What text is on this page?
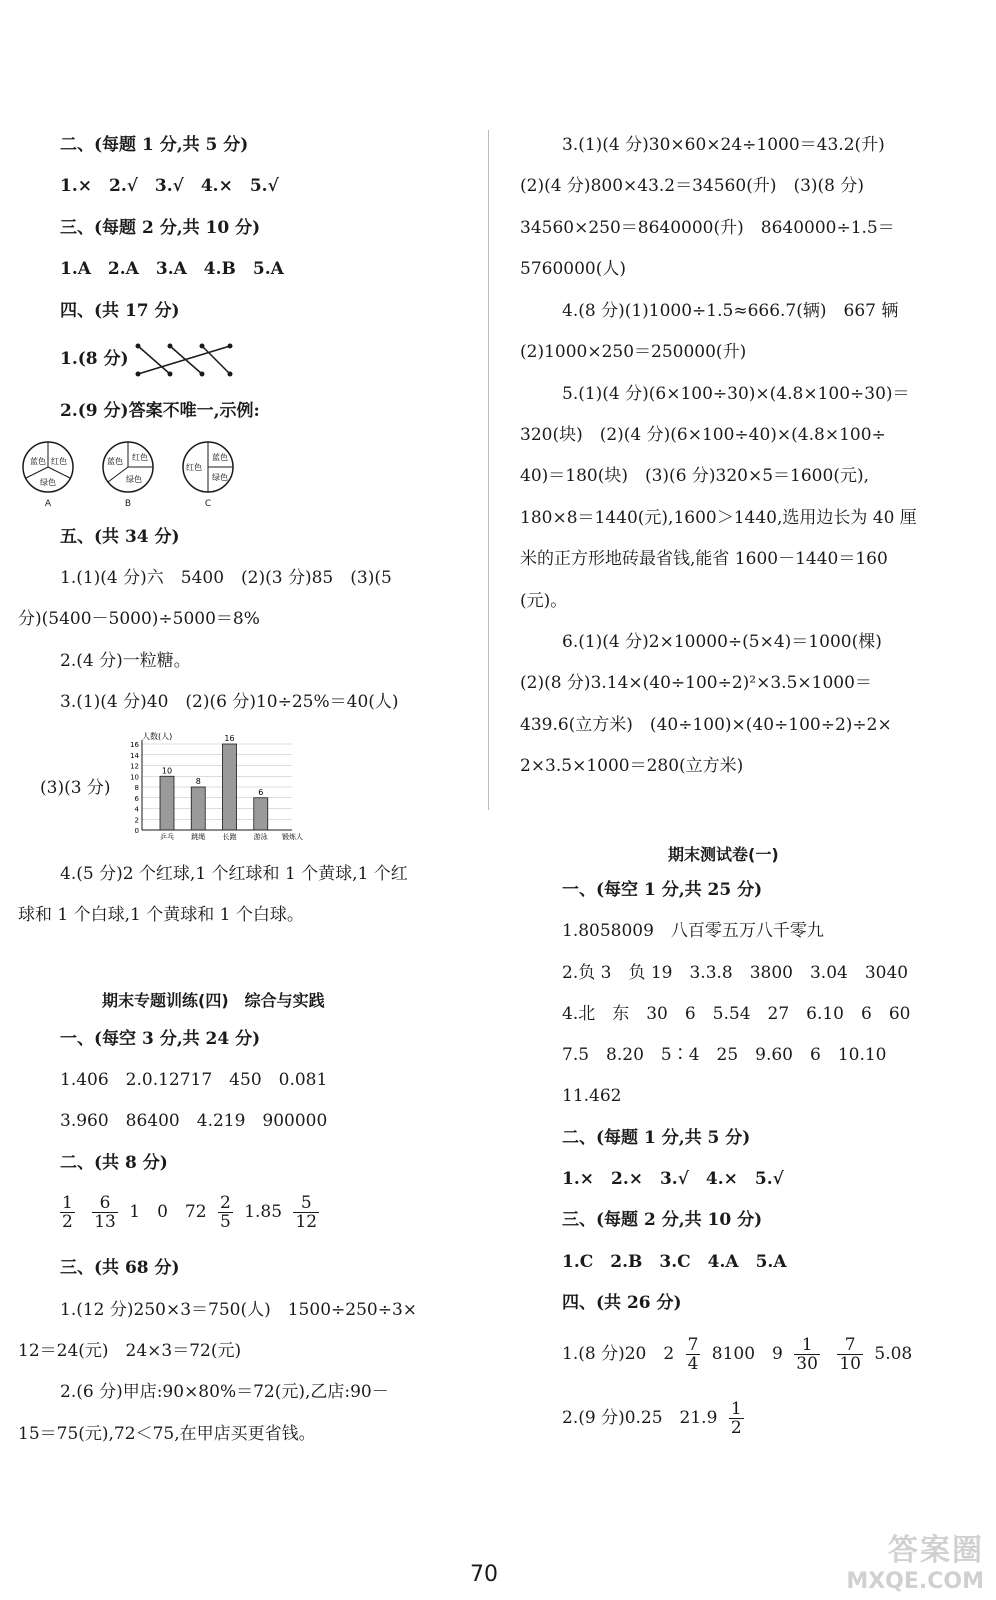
二、(每题 1 分,共 5 分)
1.×　2.√　3.√　4.×　5.√
三、(每题 2 分,共 10 分)
1.A　2.A　3.A　4.B　5.A
四、(共 17 分)
1.(8 分)
2.(9 分)答案不唯一,示例:
蓝色 红色
绿色
A
蓝色 红色
绿色
B
红色
蓝色
绿色
C
五、(共 34 分)
1.(1)(4 分)六　5400　(2)(3 分)85　(3)(5
分)(5400－5000)÷5000＝8%
2.(4 分)一粒糖。
3.(1)(4 分)40　(2)(6 分)10÷25%＝40(人)
(3)(3 分)
人数(人)
0
2
4
6
8
10
12
14
16
10
8
16
6
乒乓 跳绳 长跑 游泳 锻炼人
4.(5 分)2 个红球,1 个红球和 1 个黄球,1 个红
球和 1 个白球,1 个黄球和 1 个白球。
期末专题训练(四)　综合与实践
一、(每空 3 分,共 24 分)
1.406　2.0.12717　450　0.081
3.960　86400　4.219　900000
二、(共 8 分)
$\frac{1}{2}$
$\frac{6}{13} 1$　0　$72 \frac{2}{5} 1.85 \frac{5}{12}$
三、(共 68 分)
1.(12 分)250×3＝750(人)　1500÷250÷3×
12＝24(元)　24×3＝72(元)
2.(6 分)甲店:90×80%＝72(元),乙店:90－
15＝75(元),72＜75,在甲店买更省钱。
3.(1)(4 分)30×60×24÷1000＝43.2(升)
(2)(4 分)800×43.2＝34560(升)　(3)(8 分)
34560×250＝8640000(升)　8640000÷1.5＝
5760000(人)
4.(8 分)(1)1000÷1.5≈666.7(辆)　667 辆
(2)1000×250＝250000(升)
5.(1)(4 分)(6×100÷30)×(4.8×100÷30)＝
320(块)　(2)(4 分)(6×100÷40)×(4.8×100÷
40)＝180(块)　(3)(6 分)320×5＝1600(元),
180×8＝1440(元),1600＞1440,选用边长为 40 厘
米的正方形地砖最省钱,能省 1600－1440＝160
(元)。
6.(1)(4 分)2×10000÷(5×4)＝1000(棵)
(2)(8 分)3.14×(40÷100÷2)²×3.5×1000＝
439.6(立方米)　(40÷100)×(40÷100÷2)÷2×
2×3.5×1000＝280(立方米)
期末测试卷(一)
一、(每空 1 分,共 25 分)
1.8058009　八百零五万八千零九
2.负 3　负 19　3.3.8　3800　3.04　3040
4.北　东　30　6　5.54　27　6.10　6　60
7.5　8.20　5∶4　25　9.60　6　10.10
11.462
二、(每题 1 分,共 5 分)
1.×　2.×　3.√　4.×　5.√
三、(每题 2 分,共 10 分)
1.C　2.B　3.C　4.A　5.A
四、(共 26 分)
1.(8 分)20　$2 \frac{7}{4} 8100$　$9 \frac{1}{30}$
$\frac{7}{10} 5.08$
2.(9 分)0.25　$21.9 \frac{1}{2}$
70
答案圈
MXQE.COM
